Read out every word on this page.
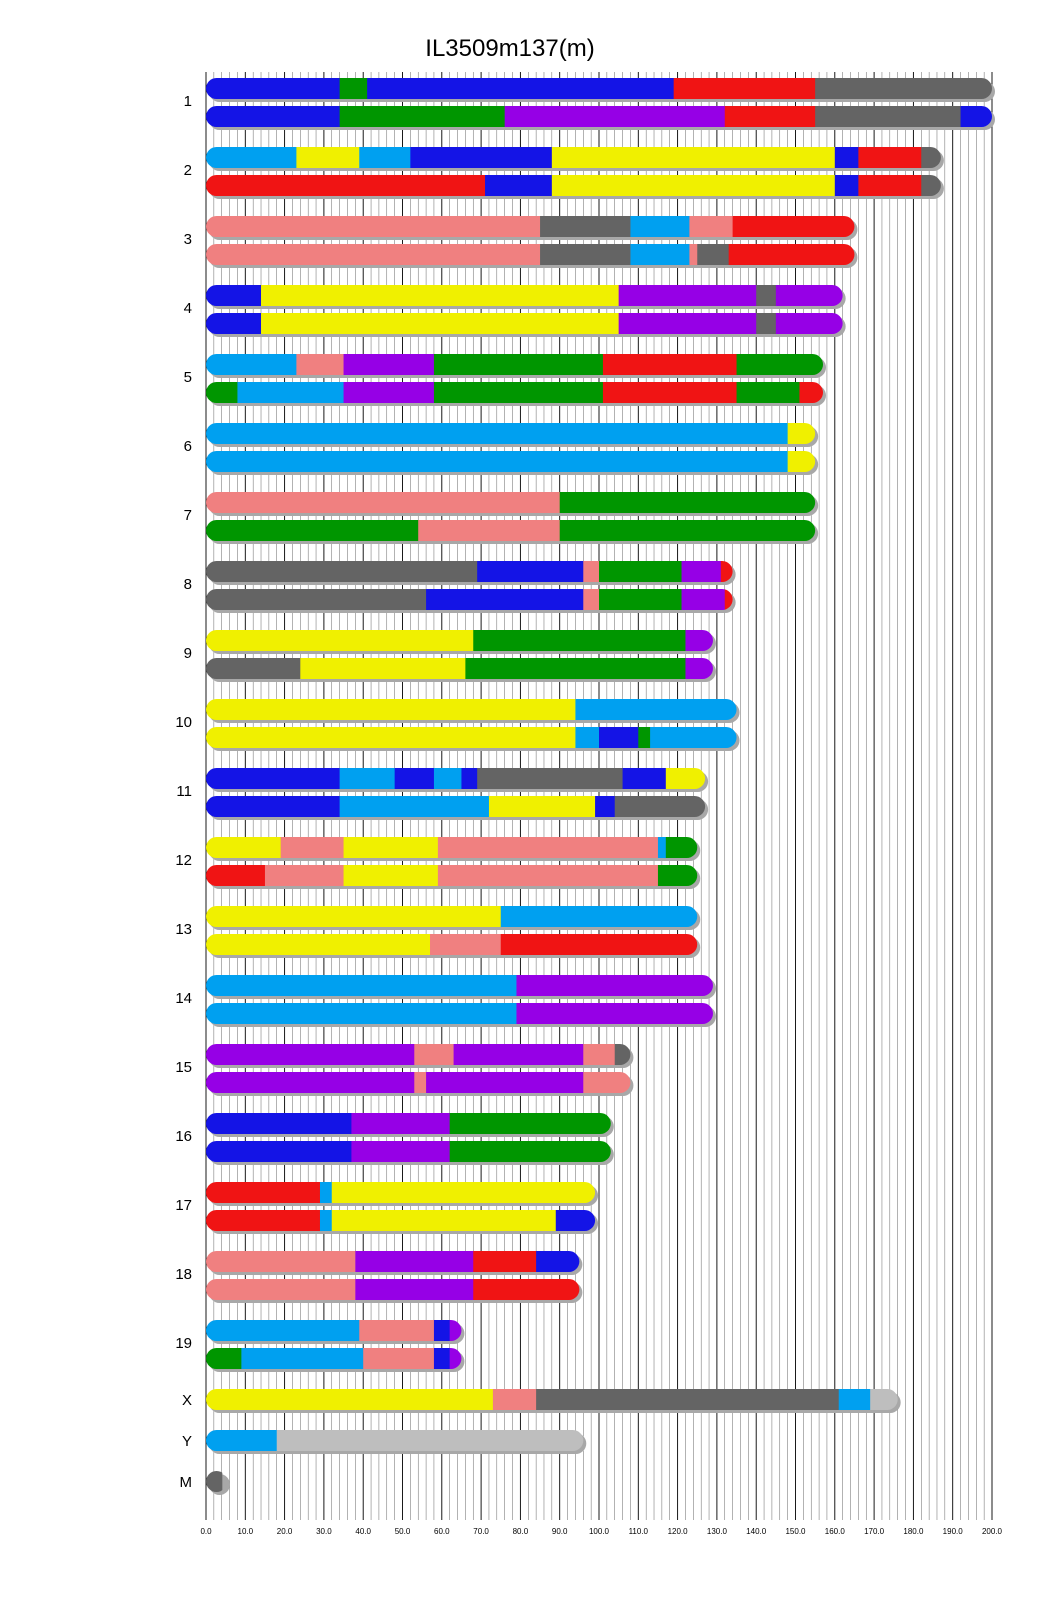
IL3509m137(m)
1
2
3
4
5
6
7
8
9
10
11
12
13
14
15
16
17
18
19
X
Y
M
0.0	10.0	20.0	30.0	40.0	50.0	60.0	70.0	80.0	90.0	100.0 110.0 120.0 130.0 140.0 150.0 160.0 170.0 180.0 190.0 200.0
